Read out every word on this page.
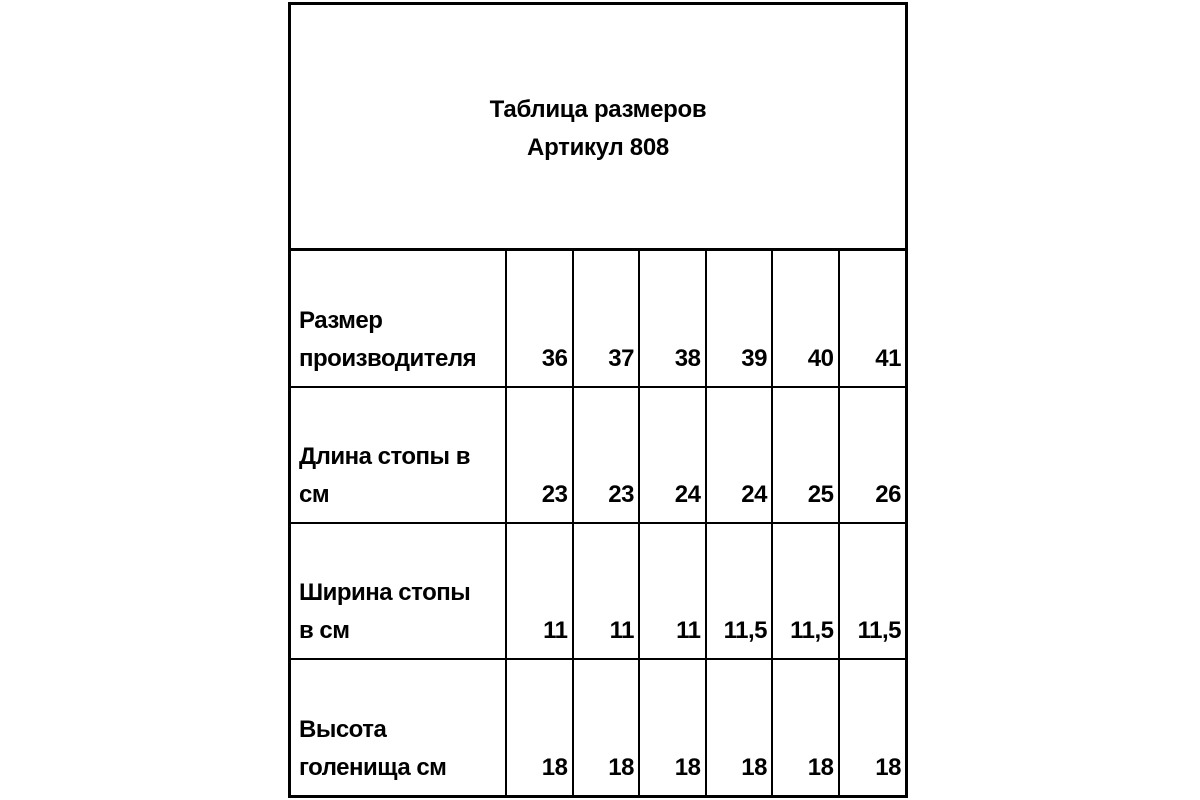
Таблица размеров
Артикул 808
Размер
производителя	36	37	38	39	40	41

Длина стопы в
см	23	23	24	24	25	26

Ширина стопы
в см	11	11	11	11,5	11,5	11,5

Высота
голенища см	18	18	18	18	18	18
